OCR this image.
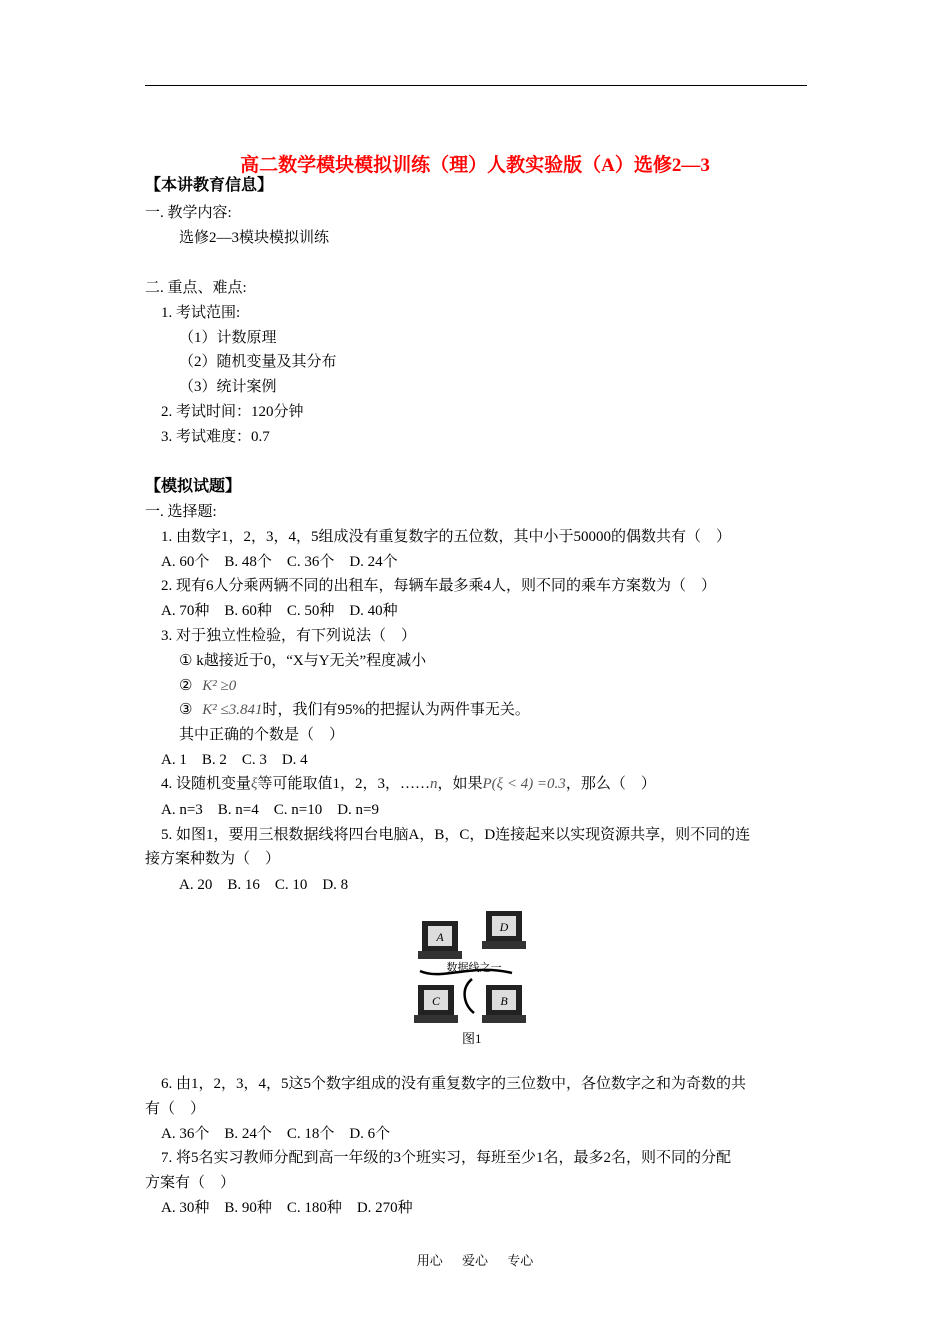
高二数学模块模拟训练（理）人教实验版（A）选修2—3
【本讲教育信息】
一. 教学内容:
选修2—3模块模拟训练
二. 重点、难点:
1. 考试范围:
（1）计数原理
（2）随机变量及其分布
（3）统计案例
2. 考试时间：120分钟
3. 考试难度：0.7
【模拟试题】
一. 选择题:
1. 由数字1，2，3，4，5组成没有重复数字的五位数，其中小于50000的偶数共有（　）
A. 60个　B. 48个　C. 36个　D. 24个
2. 现有6人分乘两辆不同的出租车，每辆车最多乘4人，则不同的乘车方案数为（　）
A. 70种　B. 60种　C. 50种　D. 40种
3. 对于独立性检验，有下列说法（　）
① k越接近于0，“X与Y无关”程度减小
② K² ≥0
③ K² ≤3.841时，我们有95%的把握认为两件事无关。
其中正确的个数是（　）
A. 1　B. 2　C. 3　D. 4
4. 设随机变量ξ等可能取值1，2，3，……n，如果P(ξ < 4) =0.3，那么（　）
A. n=3　B. n=4　C. n=10　D. n=9
5. 如图1，要用三根数据线将四台电脑A，B，C，D连接起来以实现资源共享，则不同的连
接方案种数为（　）
A. 20　B. 16　C. 10　D. 8
A
D
C	B
数据线之一
图1
6. 由1，2，3，4，5这5个数字组成的没有重复数字的三位数中，各位数字之和为奇数的共
有（　）
A. 36个　B. 24个　C. 18个　D. 6个
7. 将5名实习教师分配到高一年级的3个班实习，每班至少1名，最多2名，则不同的分配
方案有（　）
A. 30种　B. 90种　C. 180种　D. 270种
用心 爱心 专心
